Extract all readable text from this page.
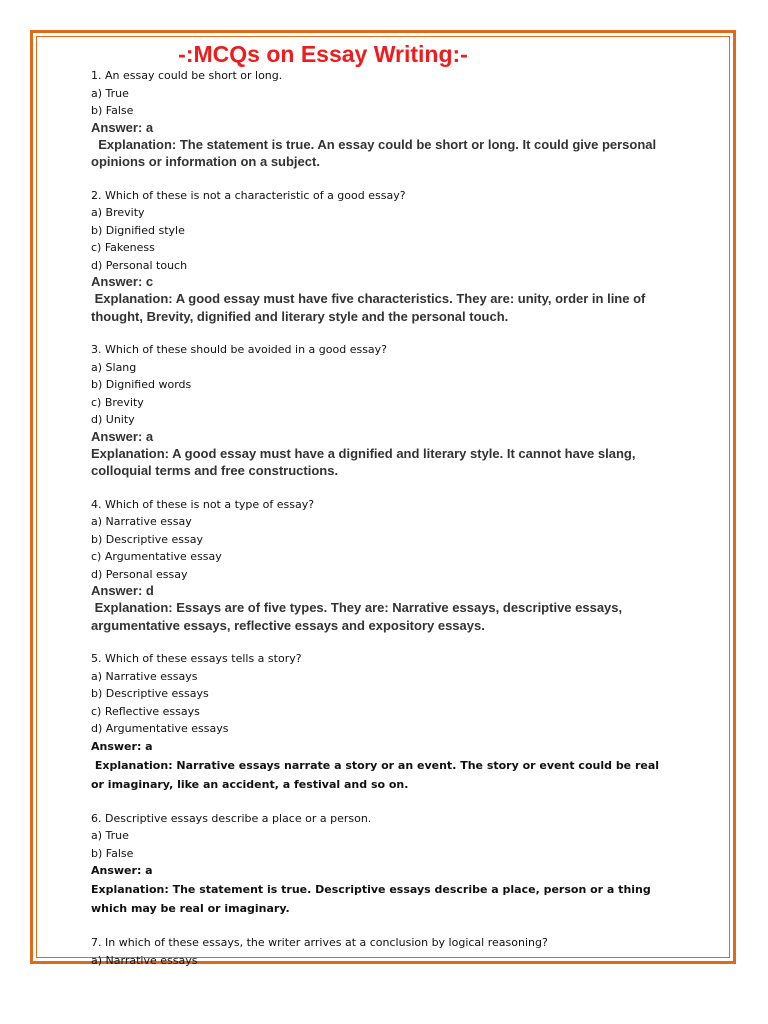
-:MCQs on Essay Writing:-
1. An essay could be short or long.
a) True
b) False
Answer: a
Explanation: The statement is true. An essay could be short or long. It could give personal opinions or information on a subject.
2. Which of these is not a characteristic of a good essay?
a) Brevity
b) Dignified style
c) Fakeness
d) Personal touch
Answer: c
Explanation: A good essay must have five characteristics. They are: unity, order in line of thought, Brevity, dignified and literary style and the personal touch.
3. Which of these should be avoided in a good essay?
a) Slang
b) Dignified words
c) Brevity
d) Unity
Answer: a
Explanation: A good essay must have a dignified and literary style. It cannot have slang, colloquial terms and free constructions.
4. Which of these is not a type of essay?
a) Narrative essay
b) Descriptive essay
c) Argumentative essay
d) Personal essay
Answer: d
Explanation: Essays are of five types. They are: Narrative essays, descriptive essays, argumentative essays, reflective essays and expository essays.
5. Which of these essays tells a story?
a) Narrative essays
b) Descriptive essays
c) Reflective essays
d) Argumentative essays
Answer: a
Explanation: Narrative essays narrate a story or an event. The story or event could be real or imaginary, like an accident, a festival and so on.
6. Descriptive essays describe a place or a person.
a) True
b) False
Answer: a
Explanation: The statement is true. Descriptive essays describe a place, person or a thing which may be real or imaginary.
7. In which of these essays, the writer arrives at a conclusion by logical reasoning?
a) Narrative essays
